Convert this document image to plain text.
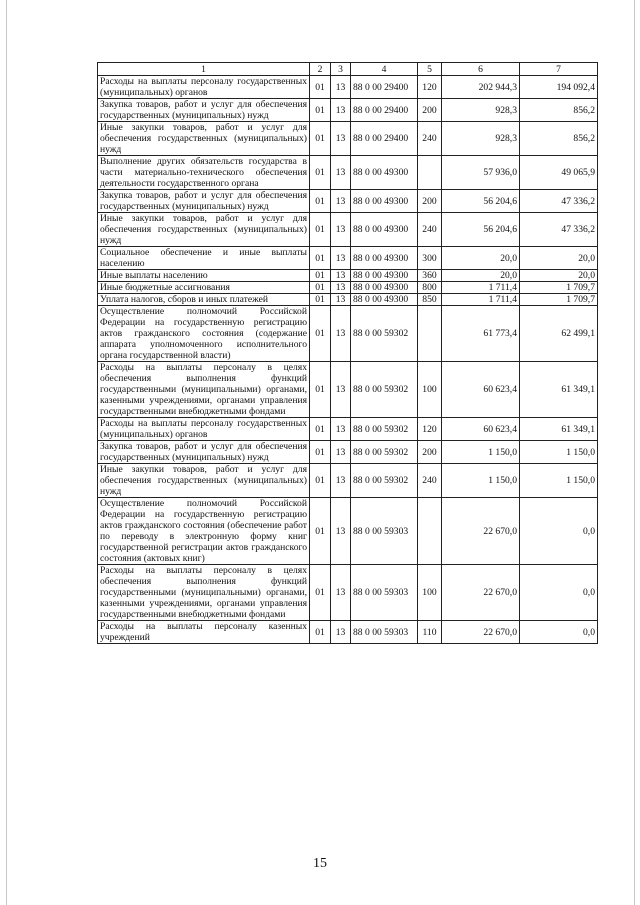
1	2	3	4	5	6	7
Расходы на выплаты персоналу государственных (муниципальных) органов	01	13	88 0 00 29400	120	202 944,3	194 092,4
Закупка товаров, работ и услуг для обеспечения государственных (муниципальных) нужд	01	13	88 0 00 29400	200	928,3	856,2
Иные закупки товаров, работ и услуг для обеспечения государственных (муниципальных) нужд	01	13	88 0 00 29400	240	928,3	856,2
Выполнение других обязательств государства в части материально-технического обеспечения деятельности государственного органа	01	13	88 0 00 49300		57 936,0	49 065,9
Закупка товаров, работ и услуг для обеспечения государственных (муниципальных) нужд	01	13	88 0 00 49300	200	56 204,6	47 336,2
Иные закупки товаров, работ и услуг для обеспечения государственных (муниципальных) нужд	01	13	88 0 00 49300	240	56 204,6	47 336,2
Социальное обеспечение и иные выплаты населению	01	13	88 0 00 49300	300	20,0	20,0
Иные выплаты населению	01	13	88 0 00 49300	360	20,0	20,0
Иные бюджетные ассигнования	01	13	88 0 00 49300	800	1 711,4	1 709,7
Уплата налогов, сборов и иных платежей	01	13	88 0 00 49300	850	1 711,4	1 709,7
Осуществление полномочий Российской Федерации на государственную регистрацию актов гражданского состояния (содержание аппарата уполномоченного исполнительного органа государственной власти)	01	13	88 0 00 59302		61 773,4	62 499,1
Расходы на выплаты персоналу в целях обеспечения выполнения функций государственными (муниципальными) органами, казенными учреждениями, органами управления государственными внебюджетными фондами	01	13	88 0 00 59302	100	60 623,4	61 349,1
Расходы на выплаты персоналу государственных (муниципальных) органов	01	13	88 0 00 59302	120	60 623,4	61 349,1
Закупка товаров, работ и услуг для обеспечения государственных (муниципальных) нужд	01	13	88 0 00 59302	200	1 150,0	1 150,0
Иные закупки товаров, работ и услуг для обеспечения государственных (муниципальных) нужд	01	13	88 0 00 59302	240	1 150,0	1 150,0
Осуществление полномочий Российской Федерации на государственную регистрацию актов гражданского состояния (обеспечение работ по переводу в электронную форму книг государственной регистрации актов гражданского состояния (актовых книг)	01	13	88 0 00 59303		22 670,0	0,0
Расходы на выплаты персоналу в целях обеспечения выполнения функций государственными (муниципальными) органами, казенными учреждениями, органами управления государственными внебюджетными фондами	01	13	88 0 00 59303	100	22 670,0	0,0
Расходы на выплаты персоналу казенных учреждений	01	13	88 0 00 59303	110	22 670,0	0,0
15
